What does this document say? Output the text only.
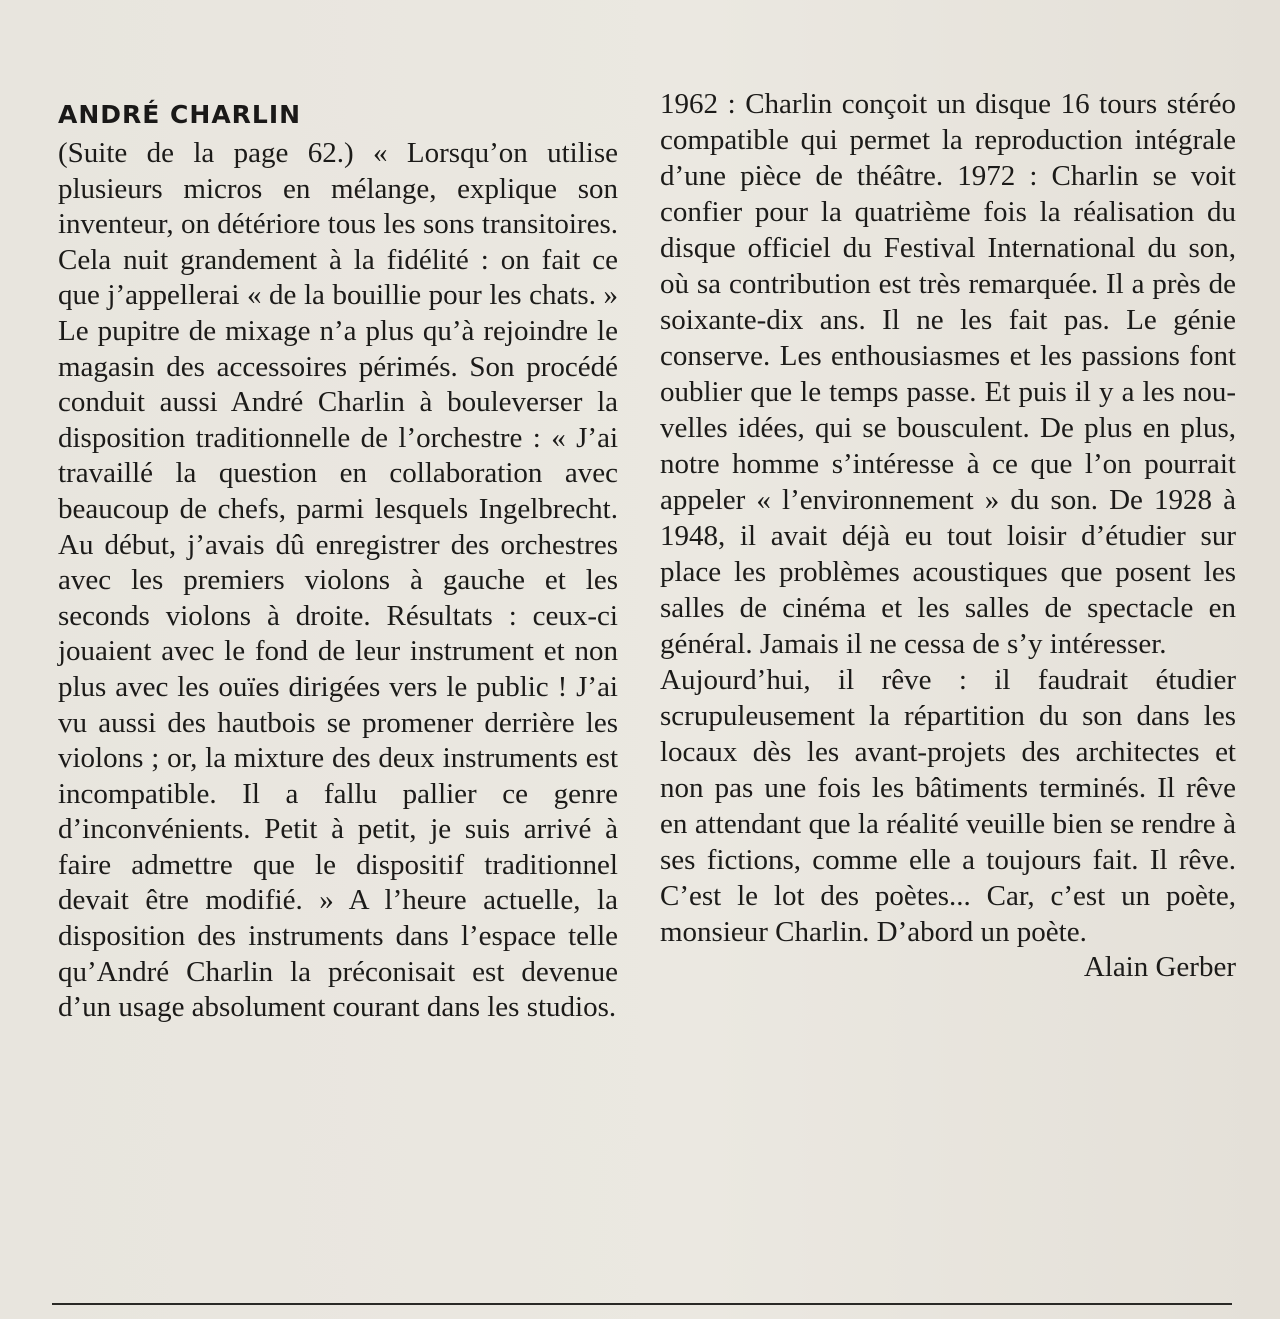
ANDRÉ CHARLIN

(Suite de la page 62.) « Lorsqu’on utilise plusieurs micros en mélange, explique son inventeur, on détériore tous les sons transitoires. Cela nuit grandement à la fidélité : on fait ce que j’appellerai « de la bouillie pour les chats. » Le pupitre de mixage n’a plus qu’à rejoindre le magasin des accessoires périmés. Son procédé conduit aussi André Charlin à bouleverser la disposition traditionnelle de l’orchestre : « J’ai travaillé la question en collaboration avec beaucoup de chefs, parmi lesquels Ingelbrecht. Au début, j’avais dû enregistrer des orchestres avec les premiers violons à gauche et les seconds violons à droite. Résultats : ceux-ci jouaient avec le fond de leur instrument et non plus avec les ouïes dirigées vers le public ! J’ai vu aussi des hautbois se promener derrière les violons ; or, la mixture des deux instruments est incompatible. Il a fallu pallier ce genre d’inconvénients. Petit à petit, je suis arrivé à faire admettre que le dispositif traditionnel devait être modifié. » A l’heure actuelle, la disposition des instruments dans l’espace telle qu’André Charlin la préconisait est devenue d’un usage absolument courant dans les studios.

1962 : Charlin conçoit un disque 16 tours stéréo compatible qui permet la reproduction intégrale d’une pièce de théâtre. 1972 : Charlin se voit confier pour la quatrième fois la réalisation du disque officiel du Festival International du son, où sa contribution est très remarquée. Il a près de soixante-dix ans. Il ne les fait pas. Le génie conserve. Les enthousiasmes et les passions font oublier que le temps passe. Et puis il y a les nouvelles idées, qui se bousculent. De plus en plus, notre homme s’intéresse à ce que l’on pourrait appeler « l’environnement » du son. De 1928 à 1948, il avait déjà eu tout loisir d’étudier sur place les problèmes acoustiques que posent les salles de cinéma et les salles de spectacle en général. Jamais il ne cessa de s’y intéresser.

Aujourd’hui, il rêve : il faudrait étudier scrupuleusement la répartition du son dans les locaux dès les avant-projets des architectes et non pas une fois les bâtiments terminés. Il rêve en attendant que la réalité veuille bien se rendre à ses fictions, comme elle a toujours fait. Il rêve. C’est le lot des poètes... Car, c’est un poète, monsieur Charlin. D’abord un poète.

Alain Gerber
